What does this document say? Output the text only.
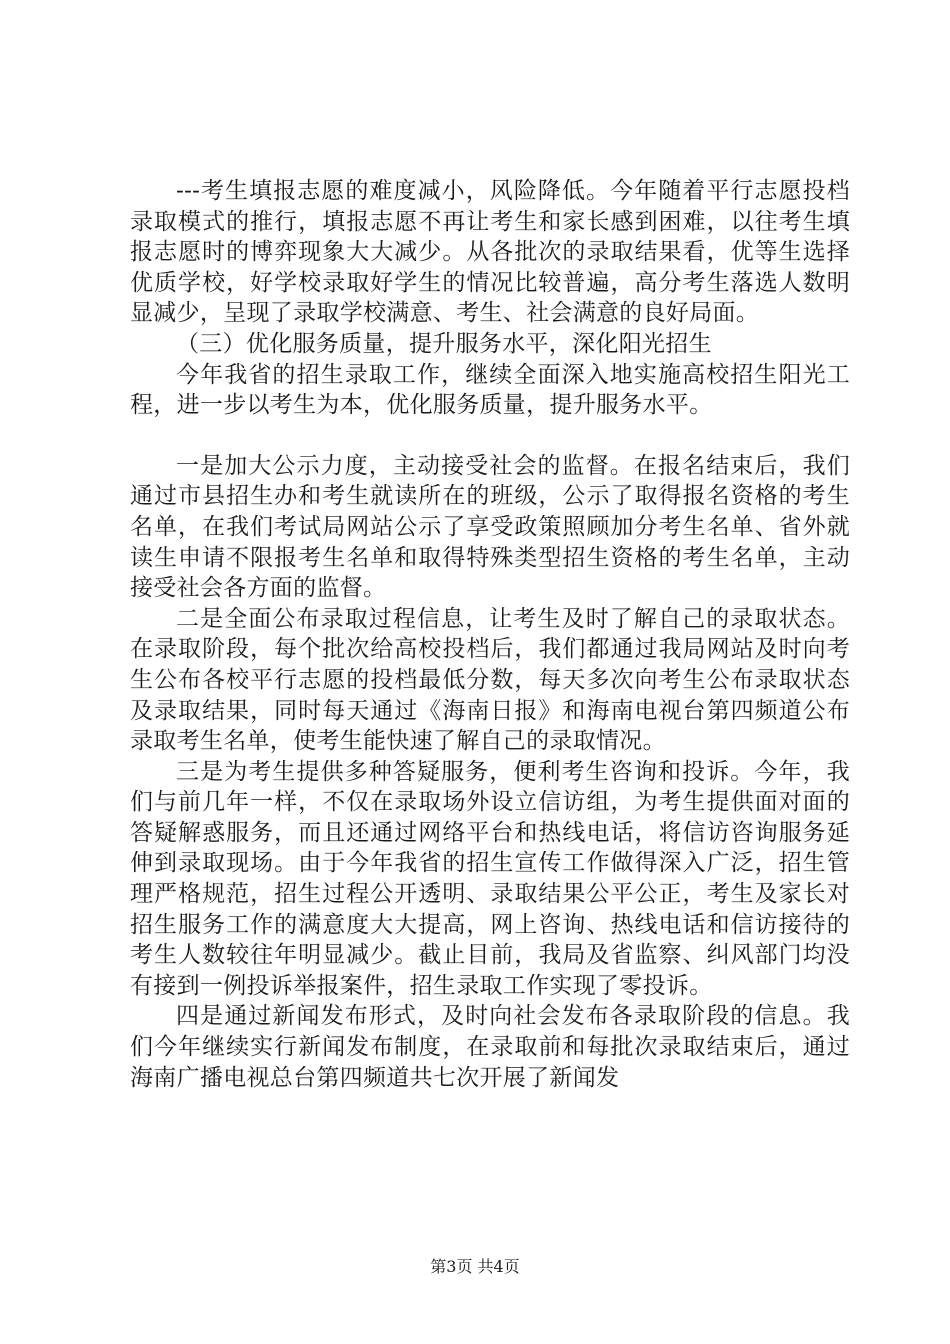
---考生填报志愿的难度减小，风险降低。今年随着平行志愿投档录取模式的推行，填报志愿不再让考生和家长感到困难，以往考生填报志愿时的博弈现象大大减少。从各批次的录取结果看，优等生选择优质学校，好学校录取好学生的情况比较普遍，高分考生落选人数明显减少，呈现了录取学校满意、考生、社会满意的良好局面。

（三）优化服务质量，提升服务水平，深化阳光招生

今年我省的招生录取工作，继续全面深入地实施高校招生阳光工程，进一步以考生为本，优化服务质量，提升服务水平。

一是加大公示力度，主动接受社会的监督。在报名结束后，我们通过市县招生办和考生就读所在的班级，公示了取得报名资格的考生名单，在我们考试局网站公示了享受政策照顾加分考生名单、省外就读生申请不限报考生名单和取得特殊类型招生资格的考生名单，主动接受社会各方面的监督。

二是全面公布录取过程信息，让考生及时了解自己的录取状态。在录取阶段，每个批次给高校投档后，我们都通过我局网站及时向考生公布各校平行志愿的投档最低分数，每天多次向考生公布录取状态及录取结果，同时每天通过《海南日报》和海南电视台第四频道公布录取考生名单，使考生能快速了解自己的录取情况。

三是为考生提供多种答疑服务，便利考生咨询和投诉。今年，我们与前几年一样，不仅在录取场外设立信访组，为考生提供面对面的答疑解惑服务，而且还通过网络平台和热线电话，将信访咨询服务延伸到录取现场。由于今年我省的招生宣传工作做得深入广泛，招生管理严格规范，招生过程公开透明、录取结果公平公正，考生及家长对招生服务工作的满意度大大提高，网上咨询、热线电话和信访接待的考生人数较往年明显减少。截止目前，我局及省监察、纠风部门均没有接到一例投诉举报案件，招生录取工作实现了零投诉。

四是通过新闻发布形式，及时向社会发布各录取阶段的信息。我们今年继续实行新闻发布制度，在录取前和每批次录取结束后，通过海南广播电视总台第四频道共七次开展了新闻发

第3页 共4页
